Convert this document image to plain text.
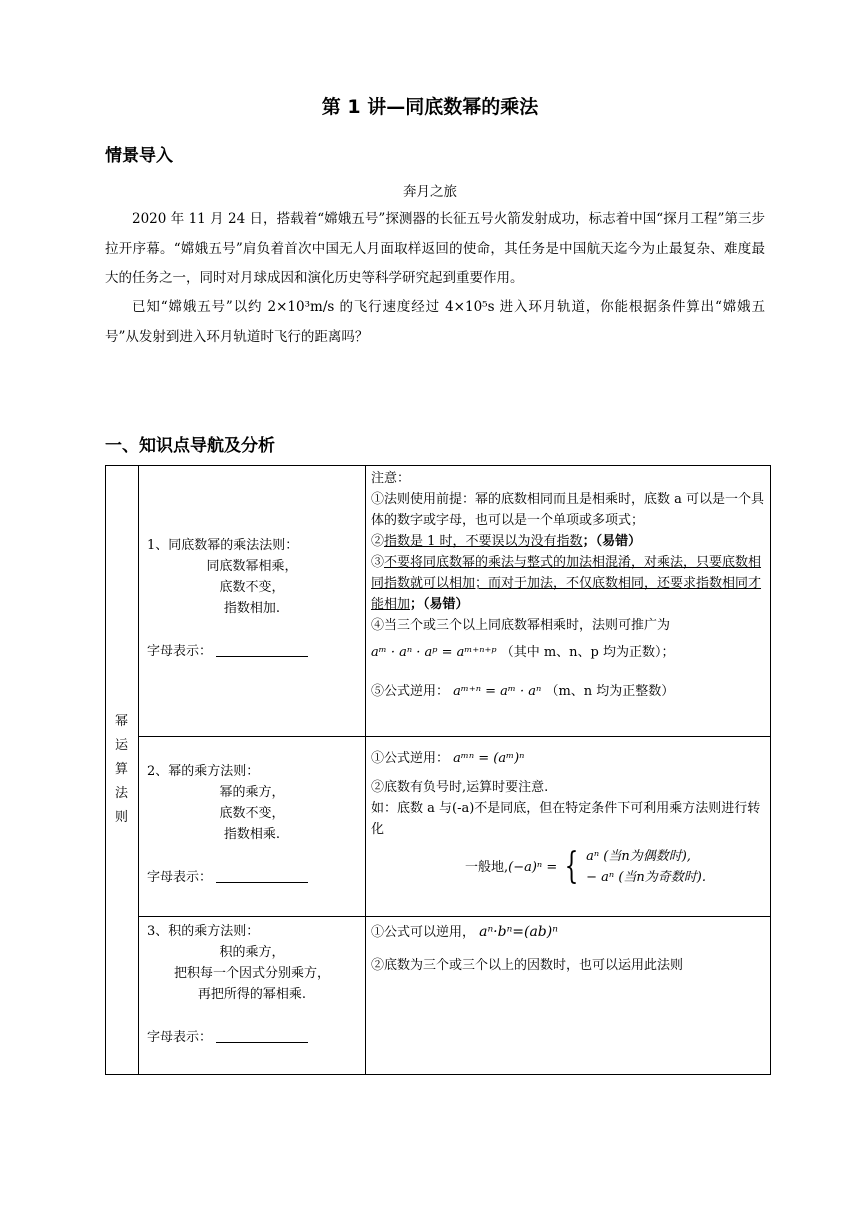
第 1 讲—同底数幂的乘法
情景导入
奔月之旅

2020 年 11 月 24 日，搭载着“嫦娥五号”探测器的长征五号火箭发射成功，标志着中国“探月工程”第三步拉开序幕。“嫦娥五号”肩负着首次中国无人月面取样返回的使命，其任务是中国航天迄今为止最复杂、难度最大的任务之一，同时对月球成因和演化历史等科学研究起到重要作用。

已知“嫦娥五号”以约 2×10³m/s 的飞行速度经过 4×10⁵s 进入环月轨道，你能根据条件算出“嫦娥五号”从发射到进入环月轨道时飞行的距离吗？

一、知识点导航及分析
幂
运
算
法
则
1、同底数幂的乘法法则：
同底数幂相乘，
底数不变，
指数相加.
字母表示：
注意：
①法则使用前提：幂的底数相同而且是相乘时，底数 a 可以是一个具体的数字或字母，也可以是一个单项或多项式；
②指数是 1 时，不要误以为没有指数；（易错）
③不要将同底数幂的乘法与整式的加法相混淆，对乘法，只要底数相同指数就可以相加；而对于加法，不仅底数相同，还要求指数相同才能相加；（易错）
④当三个或三个以上同底数幂相乘时，法则可推广为
aᵐ · aⁿ · aᵖ = aᵐ⁺ⁿ⁺ᵖ （其中 m、n、p 均为正数）；
⑤公式逆用： aᵐ⁺ⁿ = aᵐ · aⁿ （m、n 均为正整数）
2、幂的乘方法则：
幂的乘方，
底数不变，
指数相乘.
字母表示：
①公式逆用： aᵐⁿ = (aᵐ)ⁿ
②底数有负号时,运算时要注意.
如：底数 a 与(-a)不是同底，但在特定条件下可利用乘方法则进行转化
一般地, (−a)ⁿ = { aⁿ (当n为偶数时),
− aⁿ (当n为奇数时).
3、积的乘方法则：
积的乘方，
把积每一个因式分别乘方，
再把所得的幂相乘.
字母表示：
①公式可以逆用， aⁿ·bⁿ=(ab)ⁿ
②底数为三个或三个以上的因数时，也可以运用此法则
